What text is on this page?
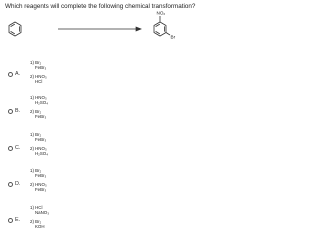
Which reagents will complete the following chemical transformation?
NO₂
Br
A.
1) Br₂
FeBr₃
2) HNO₃
HCl
B.
1) HNO₃
H₂SO₄
2) Br₂
FeBr₃
C.
1) Br₂
FeBr₃
2) HNO₃
H₂SO₄
D.
1) Br₂
FeBr₃
2) HNO₃
FeBr₃
E.
1) HCl
NaNO₃
2) Br₂
KOH
